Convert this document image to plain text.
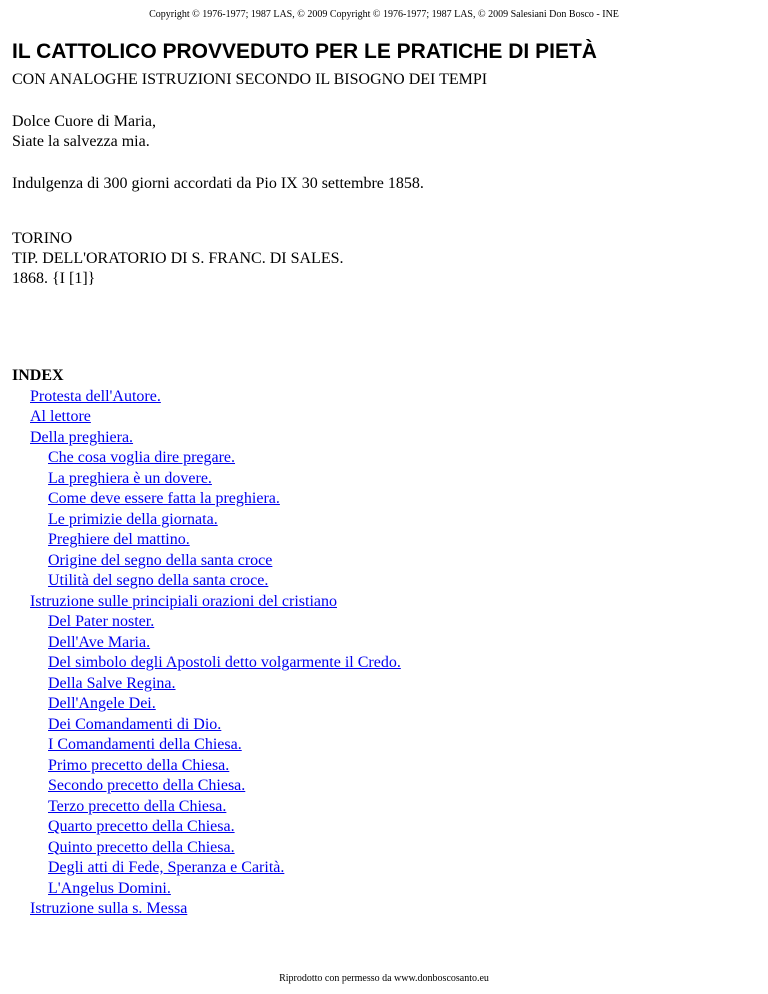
Copyright © 1976-1977; 1987 LAS, © 2009 Copyright © 1976-1977; 1987 LAS, © 2009 Salesiani Don Bosco - INE
IL CATTOLICO PROVVEDUTO PER LE PRATICHE DI PIETÀ
CON ANALOGHE ISTRUZIONI SECONDO IL BISOGNO DEI TEMPI
Dolce Cuore di Maria,
Siate la salvezza mia.
Indulgenza di 300 giorni accordati da Pio IX 30 settembre 1858.
TORINO
TIP. DELL'ORATORIO DI S. FRANC. DI SALES.
1868. {I [1]}
INDEX
Protesta dell'Autore.
Al lettore
Della preghiera.
Che cosa voglia dire pregare.
La preghiera è un dovere.
Come deve essere fatta la preghiera.
Le primizie della giornata.
Preghiere del mattino.
Origine del segno della santa croce
Utilità del segno della santa croce.
Istruzione sulle principiali orazioni del cristiano
Del Pater noster.
Dell'Ave Maria.
Del simbolo degli Apostoli detto volgarmente il Credo.
Della Salve Regina.
Dell'Angele Dei.
Dei Comandamenti di Dio.
I Comandamenti della Chiesa.
Primo precetto della Chiesa.
Secondo precetto della Chiesa.
Terzo precetto della Chiesa.
Quarto precetto della Chiesa.
Quinto precetto della Chiesa.
Degli atti di Fede, Speranza e Carità.
L'Angelus Domini.
Istruzione sulla s. Messa
Riprodotto con permesso da www.donboscosanto.eu
